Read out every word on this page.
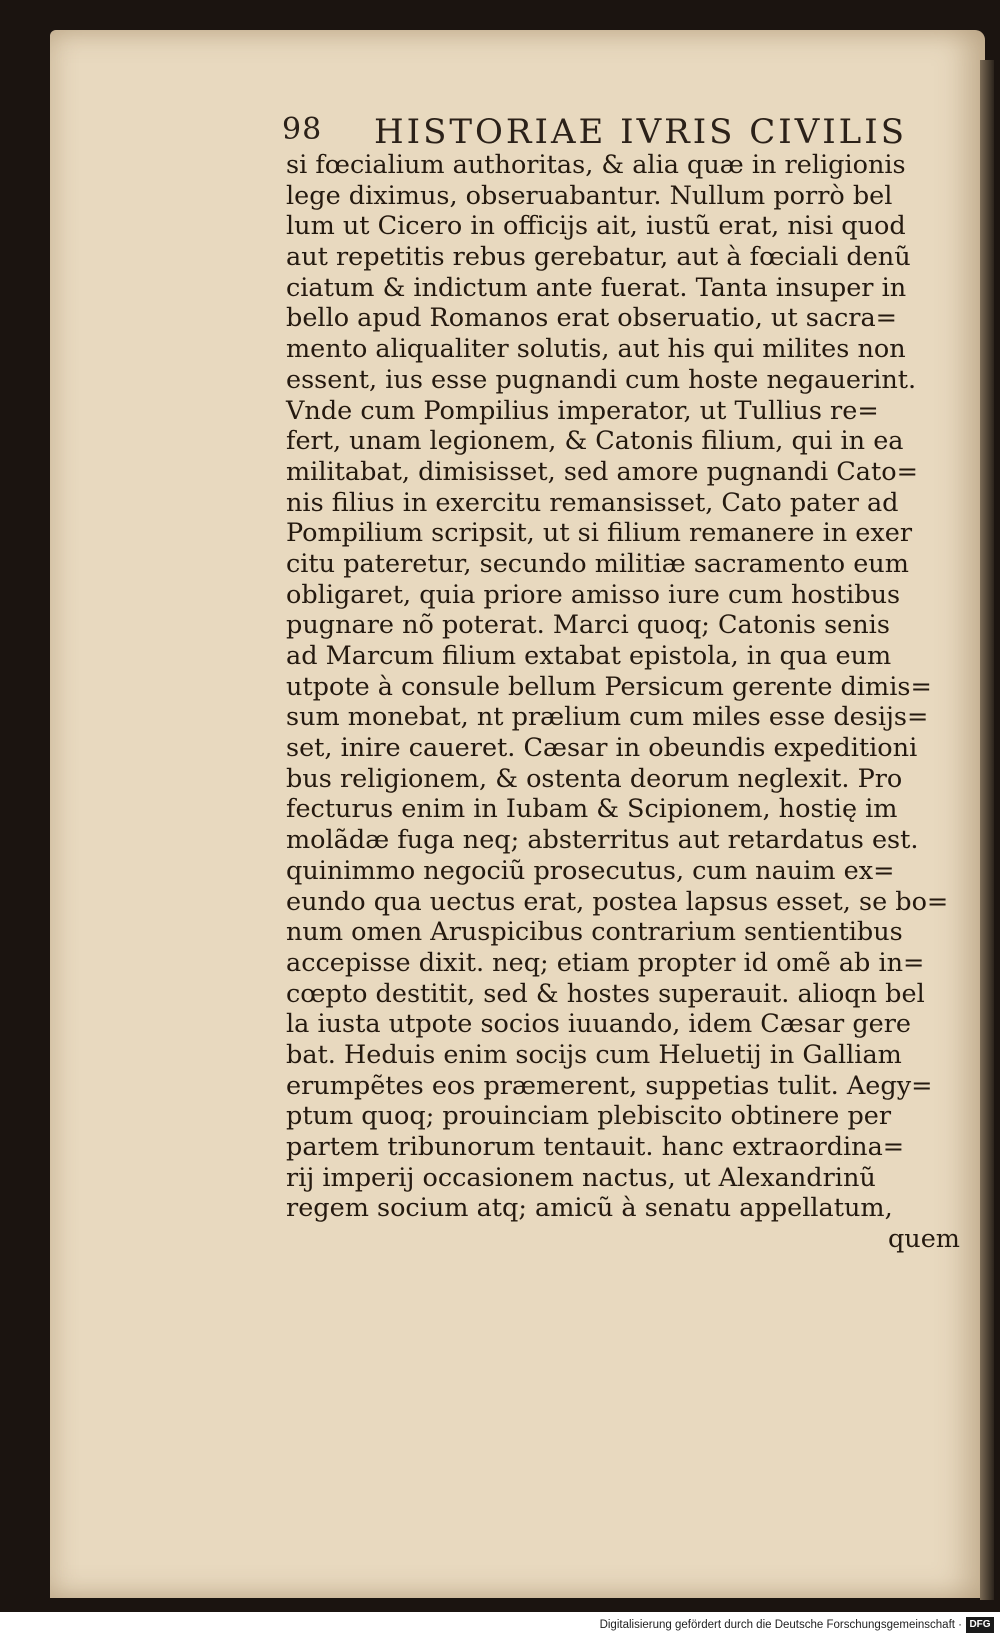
98 HISTORIAE IVRIS CIVILIS
si fœcialium authoritas, & alia quæ in religionis
lege diximus, obseruabantur. Nullum porrò bel
lum ut Cicero in officijs ait, iustũ erat, nisi quod
aut repetitis rebus gerebatur, aut à fœciali denũ
ciatum & indictum ante fuerat. Tanta insuper in
bello apud Romanos erat obseruatio, ut sacra=
mento aliqualiter solutis, aut his qui milites non
essent, ius esse pugnandi cum hoste negauerint.
Vnde cum Pompilius imperator, ut Tullius re=
fert, unam legionem, & Catonis filium, qui in ea
militabat, dimisisset, sed amore pugnandi Cato=
nis filius in exercitu remansisset, Cato pater ad
Pompilium scripsit, ut si filium remanere in exer
citu pateretur, secundo militiæ sacramento eum
obligaret, quia priore amisso iure cum hostibus
pugnare nõ poterat. Marci quoq; Catonis senis
ad Marcum filium extabat epistola, in qua eum
utpote à consule bellum Persicum gerente dimis=
sum monebat, nt prælium cum miles esse desijs=
set, inire caueret. Cæsar in obeundis expeditioni
bus religionem, & ostenta deorum neglexit. Pro
fecturus enim in Iubam & Scipionem, hostię im
molãdæ fuga neq; absterritus aut retardatus est.
quinimmo negociũ prosecutus, cum nauim ex=
eundo qua uectus erat, postea lapsus esset, se bo=
num omen Aruspicibus contrarium sentientibus
accepisse dixit. neq; etiam propter id omẽ ab in=
cœpto destitit, sed & hostes superauit. alioqn bel
la iusta utpote socios iuuando, idem Cæsar gere
bat. Heduis enim socijs cum Heluetij in Galliam
erumpẽtes eos præmerent, suppetias tulit. Aegy=
ptum quoq; prouinciam plebiscito obtinere per
partem tribunorum tentauit. hanc extraordina=
rij imperij occasionem nactus, ut Alexandrinũ
regem socium atq; amicũ à senatu appellatum,
quem
Digitalisierung gefördert durch die Deutsche Forschungsgemeinschaft · DFG
